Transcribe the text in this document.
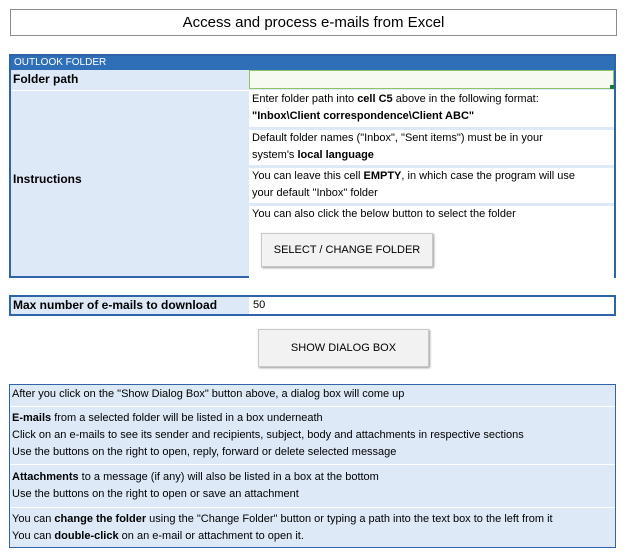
Access and process e-mails from Excel
OUTLOOK FOLDER
Folder path
Instructions
Enter folder path into cell C5 above in the following format:
"Inbox\Client correspondence\Client ABC"
Default folder names ("Inbox", "Sent items") must be in your
system's local language
You can leave this cell EMPTY, in which case the program will use
your default "Inbox" folder
You can also click the below button to select the folder
SELECT / CHANGE FOLDER
Max number of e-mails to download	50
SHOW DIALOG BOX
After you click on the "Show Dialog Box" button above, a dialog box will come up
E-mails from a selected folder will be listed in a box underneath
Click on an e-mails to see its sender and recipients, subject, body and attachments in respective sections
Use the buttons on the right to open, reply, forward or delete selected message
Attachments to a message (if any) will also be listed in a box at the bottom
Use the buttons on the right to open or save an attachment
You can change the folder using the "Change Folder" button or typing a path into the text box to the left from it
You can double-click on an e-mail or attachment to open it.
